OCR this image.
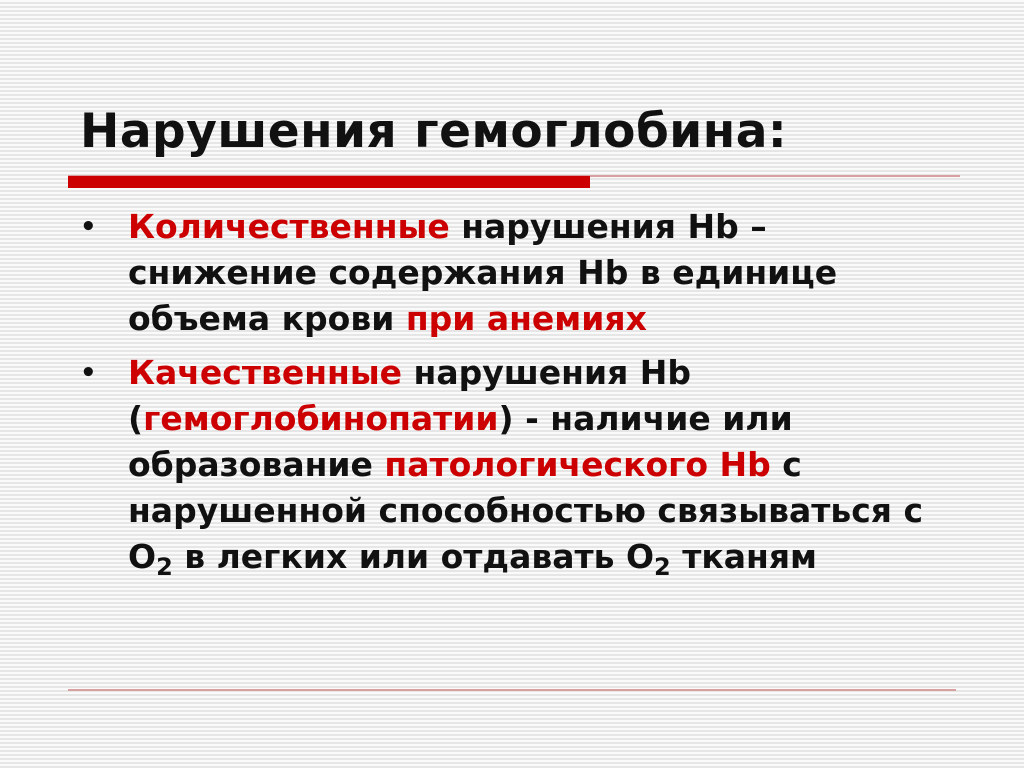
Нарушения гемоглобина:
• Количественные нарушения Hb – снижение содержания Hb в единице объема крови при анемиях
• Качественные нарушения Hb (гемоглобинопатии) - наличие или образование патологического Hb с нарушенной способностью связываться с $O_2$ в легких или отдавать $O_2$ тканям
